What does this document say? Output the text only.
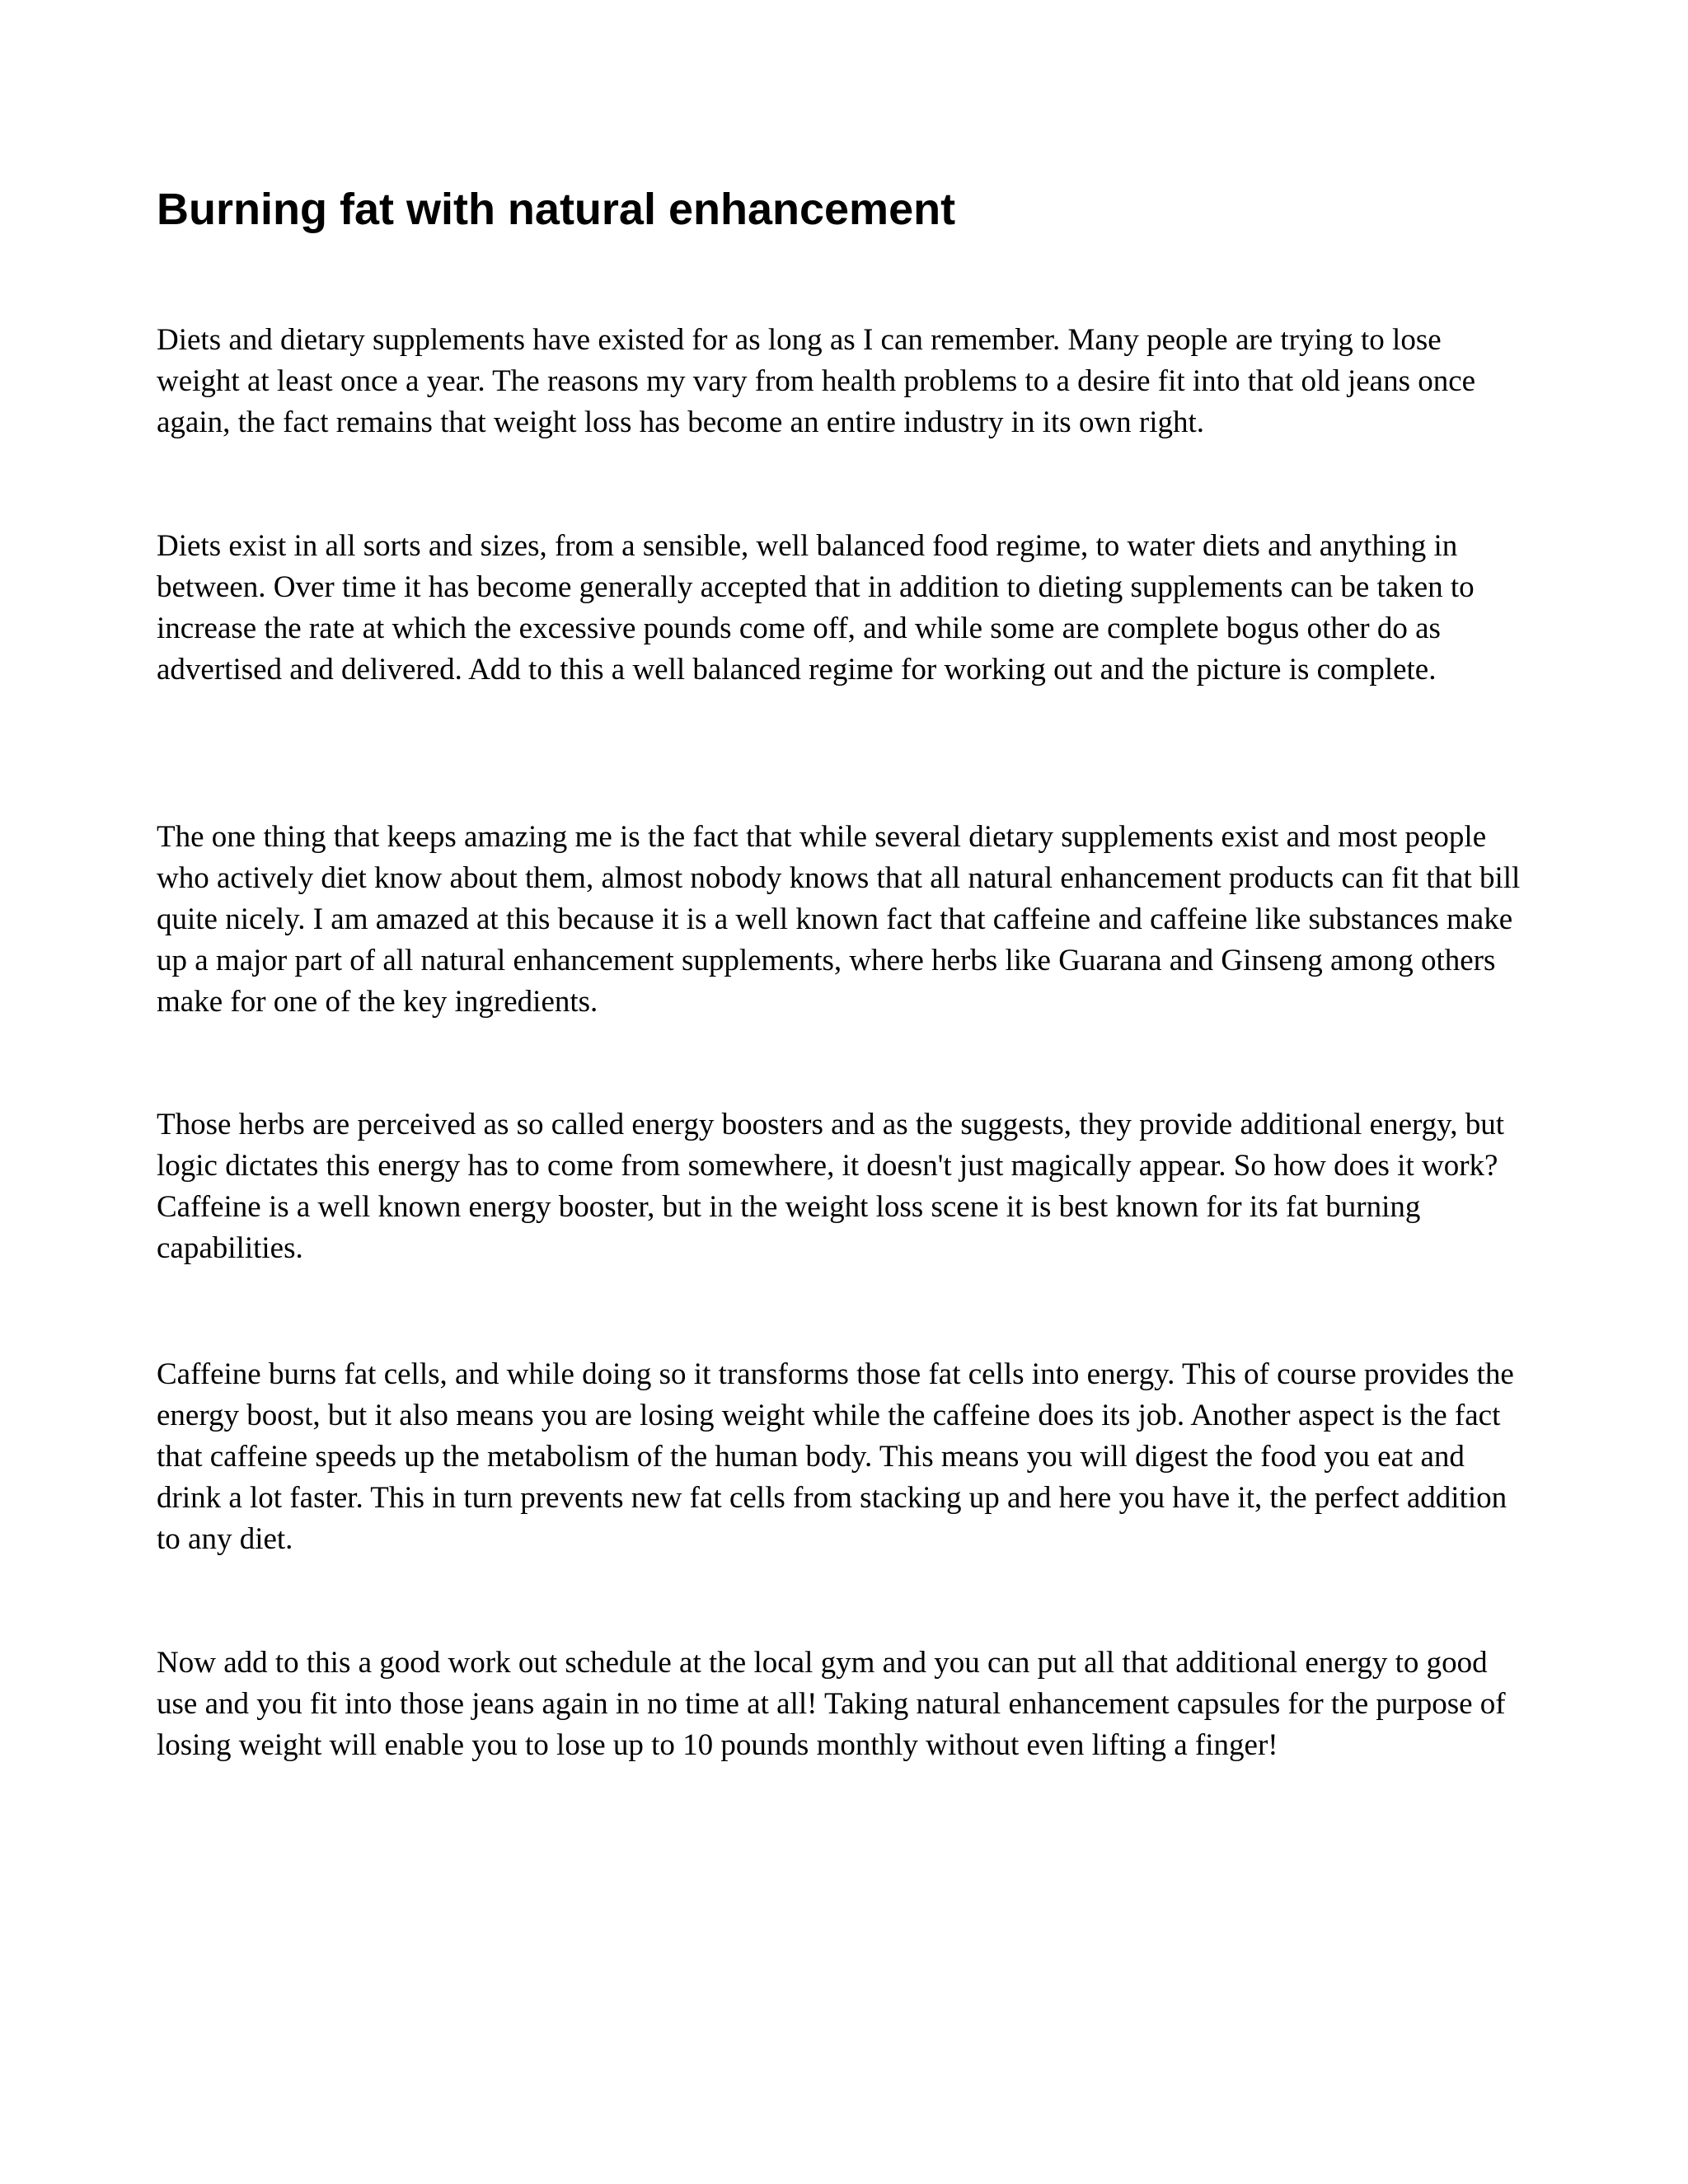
Burning fat with natural enhancement

Diets and dietary supplements have existed for as long as I can remember. Many people are trying to lose weight at least once a year. The reasons my vary from health problems to a desire fit into that old jeans once again, the fact remains that weight loss has become an entire industry in its own right.

Diets exist in all sorts and sizes, from a sensible, well balanced food regime, to water diets and anything in between. Over time it has become generally accepted that in addition to dieting supplements can be taken to increase the rate at which the excessive pounds come off, and while some are complete bogus other do as advertised and delivered. Add to this a well balanced regime for working out and the picture is complete.

The one thing that keeps amazing me is the fact that while several dietary supplements exist and most people who actively diet know about them, almost nobody knows that all natural enhancement products can fit that bill quite nicely. I am amazed at this because it is a well known fact that caffeine and caffeine like substances make up a major part of all natural enhancement supplements, where herbs like Guarana and Ginseng among others make for one of the key ingredients.

Those herbs are perceived as so called energy boosters and as the suggests, they provide additional energy, but logic dictates this energy has to come from somewhere, it doesn't just magically appear. So how does it work? Caffeine is a well known energy booster, but in the weight loss scene it is best known for its fat burning capabilities.

Caffeine burns fat cells, and while doing so it transforms those fat cells into energy. This of course provides the energy boost, but it also means you are losing weight while the caffeine does its job. Another aspect is the fact that caffeine speeds up the metabolism of the human body. This means you will digest the food you eat and drink a lot faster. This in turn prevents new fat cells from stacking up and here you have it, the perfect addition to any diet.

Now add to this a good work out schedule at the local gym and you can put all that additional energy to good use and you fit into those jeans again in no time at all! Taking natural enhancement capsules for the purpose of losing weight will enable you to lose up to 10 pounds monthly without even lifting a finger!
